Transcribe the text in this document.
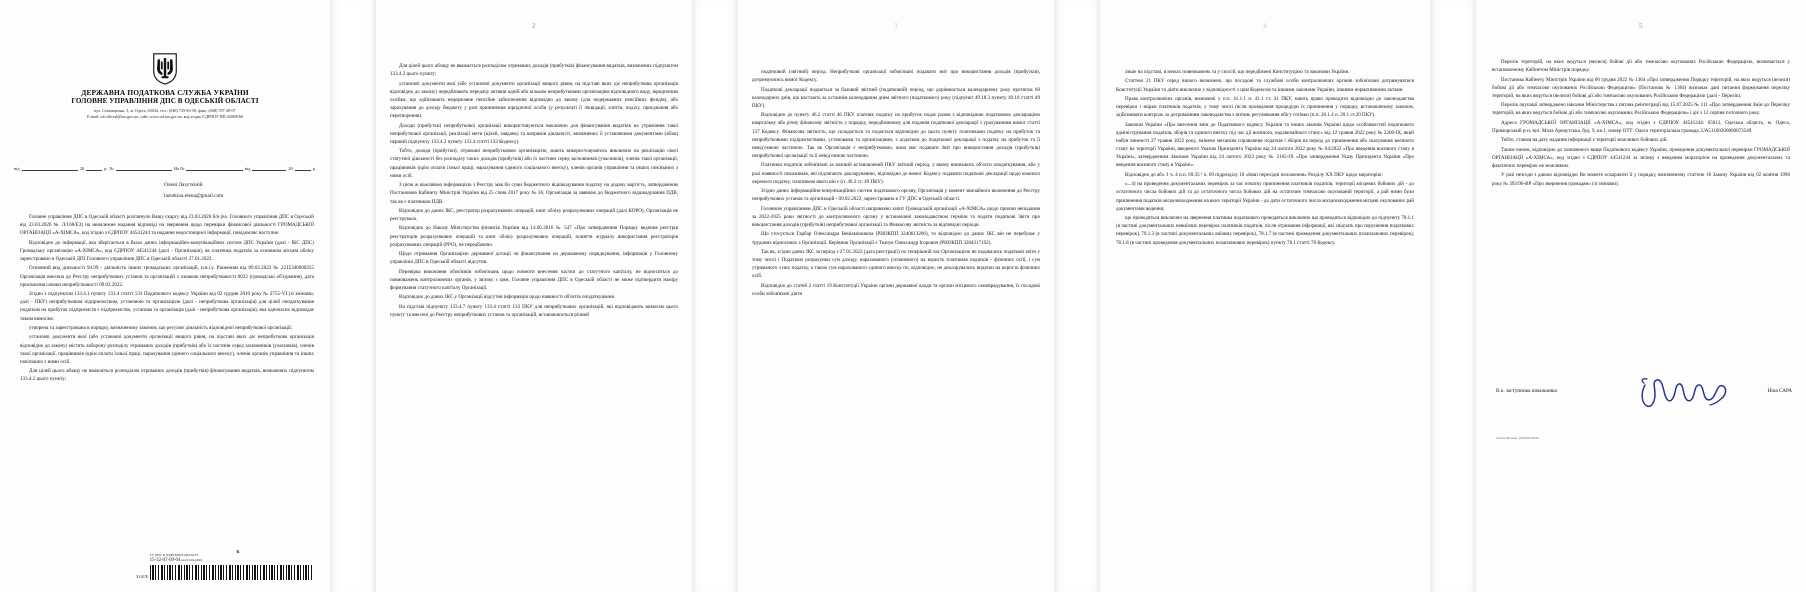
ДЕРЖАВНА ПОДАТКОВА СЛУЖБА УКРАЇНИ
ГОЛОВНЕ УПРАВЛІННЯ ДПС В ОДЕСЬКІЙ ОБЛАСТІ
вул. Семінарська, 5, м. Одеса, 65044, тел.: (048) 725-83-58, факс: (048) 707-28-07
E-mail: od.official@tax.gov.ua, сайт: www.od.tax.gov.ua, код згідно ЄДРПОУ ВП 44069166
від	20	р. №	На №	від	20	р.
Олені Лазуткіній
lazutkina.elena@gmail.com

Головне управління ДПС в Одеській області розглянуло Вашу скаргу від 23.03.2026 б/н (вх. Головного управління ДПС в Одеській від 23.03.2026 № Л/168/ЕЗ) на неналежне надання відповіді на звернення щодо перевірки фінансової діяльності ГРОМАДСЬКОЇ ОРГАНІЗАЦІЇ «А-ХІМСА», код згідно з ЄДРПОУ 44541244 та надання недостовірної інформації, повідомляє наступне.

Відповідно до інформації, яка зберігається в базах даних інформаційно-комунікаційних систем ДПС України (далі - ІКС ДПС) Громадську організацію «А-ХІМСА», код ЄДРПОУ 44541244 (далі - Організація), як платника податків за основним місцем обліку зареєстровано в Одеській ДПІ Головного управління ДПС в Одеській області 27.01.2022.

Основний вид діяльності 94.99 - діяльність інших громадських організацій, н.в.і.у. Рішенням від 09.02.2022 № 2215346000255 Організація внесена до Реєстру неприбуткових установ та організацій з ознакою неприбутковості 0032 (громадські об'єднання), дата присвоєння ознаки неприбутковості 09.02.2022.

Згідно з підпунктом 133.4.1 пункту 133.4 статті 133 Податкового кодексу України від 02 грудня 2010 року № 2755-VI (зі змінами, далі - ПКУ) неприбутковим підприємством, установою та організацією (далі - неприбуткова організація) для цілей оподаткування податком на прибуток підприємств є підприємство, установа та організація (далі - неприбуткова організація), яка одночасно відповідає таким вимогам:

утворена та зареєстрована в порядку, визначеному законом, що регулює діяльність відповідної неприбуткової організації;

установчі документи якої (або установчі документи організації вищого рівня, на підставі яких діє неприбуткова організація відповідно до закону) містять заборону розподілу отриманих доходів (прибутків) або їх частини серед засновників (учасників), членів такої організації, працівників (крім оплати їхньої праці, нарахування єдиного соціального внеску), членів органів управління та інших пов'язаних з ними осіб.

Для цілей цього абзацу не вважається розподілом отриманих доходів (прибутків) фінансування видатків, визначених підпунктом 133.4.2 цього пункту;

К
314/Л/
ГУ ДПС В ОДЕСЬКІЙ ОБЛАСТІ
15-32-07-09-04 від 03.04.2026
2

Для цілей цього абзацу не вважається розподілом отриманих доходів (прибутків) фінансування видатків, визначених підпунктом 133.4.2 цього пункту;

установчі документи якої (або установчі документи організації вищого рівня, на підставі яких діє неприбуткова організація відповідно до закону) передбачають передачу активів одній або кільком неприбутковим організаціям відповідного виду, юридичним особам, що здійснюють недержавне пенсійне забезпечення відповідно до закону (для недержавних пенсійних фондів), або зарахування до доходу бюджету у разі припинення юридичної особи (у результаті її ліквідації, злиття, поділу, приєднання або перетворення).

Доходи (прибутки) неприбуткової організації використовуються виключно для фінансування видатків на утримання такої неприбуткової організації, реалізації мети (цілей, завдань) та напрямів діяльності, визначених її установчими документами (абзац перший підпункту 133.4.2 пункту 133.4 статті 133 Кодексу).

Тобто, доходи (прибутки), отримані неприбутковою організацією, мають використовуватись виключно на реалізацію своєї статутної діяльності без розподілу таких доходів (прибутків) або їх частини серед засновників (учасників), членів такої організації, працівників (крім оплати їхньої праці, нарахування єдиного соціального внеску), членів органів управління та інших пов'язаних з ними осіб.

З цією ж важливою інформацією з Реєстру мав би суми бюджетного відшкодування податку на додану вартість, затвердженим Постановою Кабінету Міністрів України від 25 січня 2017 року № 36, Організація за заявкою до бюджетного відшкодування ПДВ, так як є платником ПДВ.

Відповідно до даних ІКС, реєстратор розрахункових операцій, книг обліку розрахункових операцій (далі КОРО), Організація не реєструвала.

Відповідно до Наказу Міністерства фінансів України від 14.06.2016 № 547 «Про затвердження Порядку ведення реєстрів реєстраторів розрахункових операцій та книг обліку розрахункових операцій, поняття журналу використання реєстраторів розрахункових операцій (РРО), не передбачено.

Щодо отримання Організацією державної дотації чи фінансування на державному порядкування, інформація у Головному управлінні ДПС в Одеській області відсутня.

Перевірка виконання обов'язків зобов'язань щодо повноти внесення частки до статутного капіталу, не відноситься до повноважень контролюючих органів, у зв'язку з цим, Головне управління ДПС в Одеській області не може підтвердити наміру формування статутного капіталу Організації.

Відповідно до даних ІКС у Організації відсутня інформація щодо наявності об'єктів оподаткування.

На підставі підпункту 133.4.7 пункту 133.4 статті 133 ПКУ для неприбуткових організацій, які відповідають вимогам цього пункту та внесені до Реєстру неприбуткових установ та організацій, встановлюється річний

3

податковий (звітний) період. Неприбуткові організації зобов'язані подавати звіт про використання доходів (прибутків), дотримуючись вимог Кодексу.

Податкові декларації подаються за базовий звітний (податковий) період, що дорівнюється календарному року протягом 60 календарних днів, що настають за останнім календарним днем звітного (податкового) року (підпункт 49.18.3 пункту 49.18 статті 49 ПКУ).

Відповідно до пункту 46.2 статті 46 ПКУ платник податку на прибуток подає разом з відповідною податковою декларацією квартальну або річну фінансову звітність у порядку, передбаченому для подання податкової декларації з урахуванням вимог статті 137 Кодексу. Фінансова звітність, що складається та подається відповідно до цього пункту платниками податку на прибуток та неприбутковими підприємствами, установами та організаціями, є додатком до податкової декларації з податку на прибуток та її невід'ємною частиною. Так як Організація є неприбутковою, вона має подавати Звіт про використання доходів (прибутків) неприбуткової організації та її невід'ємною частиною.

Платники податків зобов'язані за кожний встановлений ПКУ звітний період, у якому виникають об'єкти оподаткування, або у разі наявності показників, які підлягають декларуванню, відповідно до вимог Кодексу подавати податкові декларації щодо кожного окремого податку, платником якого він є (п. 49.2 ст. 49 ПКУ).

Згідно даних інформаційно-комунікаційних систем податкового органу, Організація у момент звичайного включення до Реєстру неприбуткових установ та організацій - 09.02.2022, зареєстрована в ГУ ДПС в Одеській області.

Головним управлінням ДПС в Одеській області направлено запит Громадській організації «А-ХІМСА» щодо причин неподання за 2022-2025 роки звітності до контролюючого органу у встановлені законодавством терміни та подати податкові Звіти про використання доходів (прибутків) неприбуткової організації та Фінансову звітність за відповідні періоди.

Що стосується Гарбар Олександра Веніаміновича (РНОКПП 3240613206), то відповідно до даних ІКС він не перебуває у трудових відносинах з Організації. Керівник Організації є Ткачук Олександр Ігорович (РНОКПП 3284317192).

Так як, згідно даних ІКС за період з 27.01.2022 (дата реєстрації) по теперішній час Організацією не подавались податкові звіти у тому числі і Податкові розрахунки сум доходу, нарахованого (сплаченого) на користь платників податків - фізичних осіб, і сум утриманого з них податку, а також сум нарахованого єдиного внеску по, відповідно, не декларувались видатки на користь фізичних осіб.

Відповідно до статей 2 статті 19 Конституції України органи державної влади та органи місцевого самоврядування, їх посадові особи зобов'язані діяти

4

лише на підставі, в межах повноважень та у спосіб, що передбачені Конституцією та законами України.

Статтею 21 ПКУ серед іншого визначено, що посадові та службові особи контролюючих органів зобов'язані дотримуватися Конституції України та діяти виключно у відповідності з цим Кодексом та іншими законами України, іншими нормативними актами.

Права контролюючих органів, визначені у п.п. 41.1.1 п. 41.1 ст. 41 ПКУ, мають право проводити відповідно до законодавства перевірки і звірки платників податків, у тому числі після проведення процедури їх припинення у порядку, встановленому законом, здійснювати контроль за дотриманням законодавства з питань регулювання обігу готівки (п.п. 20.1.4 п. 20.1 ст.20 ПКУ).

Законом України «Про внесення змін до Податкового кодексу України та інших законів України щодо особливостей податкового адміністрування податків, зборів та єдиного внеску під час дії воєнного, надзвичайного стану» від 12 травня 2022 року № 2260-IX, який набув чинності 27 травня 2022 року, змінено механізм справляння податків і зборів на період до припинення або скасування воєнного стану на території України, введеного Указом Президента України від 24 лютого 2022 року № 64/2022 «Про введення воєнного стану в Україні», затвердженим Законом України від 24 лютого 2022 року № 2102-IX «Про затвердження Указу Президента України «Про введення воєнного стану в Україні».

Відповідно до абз. 1 ч. 4 п.п. 69.35 ¹ п. 69 підрозділу 10 «Інші перехідні положення» Розділу XX ПКУ щодо мораторію:

«...4) на проведення документальних перевірок за час початку припинення платників податків, території місцевих бойових дій - до остаточного числа бойових дій та до остаточного числа бойових дій на остаточне тимчасово окупованій території, а рай ними були припинення податків місцезнаходження на яких території України - до дати остаточного числа місцезнаходження місцеві окупованих рай документами ведення;

що проводяться виключно на звернення платника податкового проводяться виключно що проводяться відповідно до підпункту 78.1.1 (в частині документальних невиїзних перевірок платників податків, після отримання інформації, які свідчать про порушення податкових перевірок), 78.1.3 (в частині документальних виїзних перевірок), 78.1.7 (в частині проведення документальних позапланових перевірок), 78.1.8 (в частині проведення документальних позапланових перевірок) пункту 78.1 статті 78 Кодексу.

5

Перелік територій, на яких ведуться (велися) бойові дії або тимчасово окупованих Російською Федерацією, визначається у встановленому Кабінетом Міністрів порядку.

Постанова Кабінету Міністрів України від 06 грудня 2022 № 1364 «Про затвердження Порядку територій, на яких ведуться (велися) бойові дії або тимчасово окупованих Російською Федерацією» (Постанова № 1364) визначає дані питання формування переліку територій, на яких ведуться (велися) бойові дії або тимчасово окупованих Російською Федерацією (далі - Перелік).

Перелік окупації затверджено наказом Міністерства з питань реінтеграції від 15.07.2025 № 111 «Про затвердження Змін до Переліку територій, на яких ведуться бойові дії або тимчасово окупованих Російською Федерацією» і діє з 12 серпня поточного року.

Адреса ГРОМАДСЬКОЇ ОРГАНІЗАЦІЇ «А-ХІМСА», код згідно з ЄДРПОУ 44541244: 65012, Одеська область, м. Одеса, Приморський р-н, вул. Мала Арнаутська, буд. 9, кв.1, номер ОТТ: Одеса територіальна громада, UA51100200000073549.

Тобто, станом на дату надання інформації є території можливих бойових дій.

Таким чином, відповідно до зазначеного вище Податкового кодексу України, проведення документальної перевірки ГРОМАДСЬКОЇ ОРГАНІЗАЦІЇ «А-ХІМСА», код згідно з ЄДРПОУ 44541244 за зв'язку з введеним мораторієм на проведення документальних та фактичних перевірок не можливим.

У разі незгоди з даною відповіддю Ви можете оскаржити її у порядку, визначеному статтею 16 Закону України від 02 жовтня 1996 року № 393/96-ВР «Про звернення громадян» (зі змінами).

В.о. заступника начальника	Ніна САРА
Олена Женюк, (048)7056032
